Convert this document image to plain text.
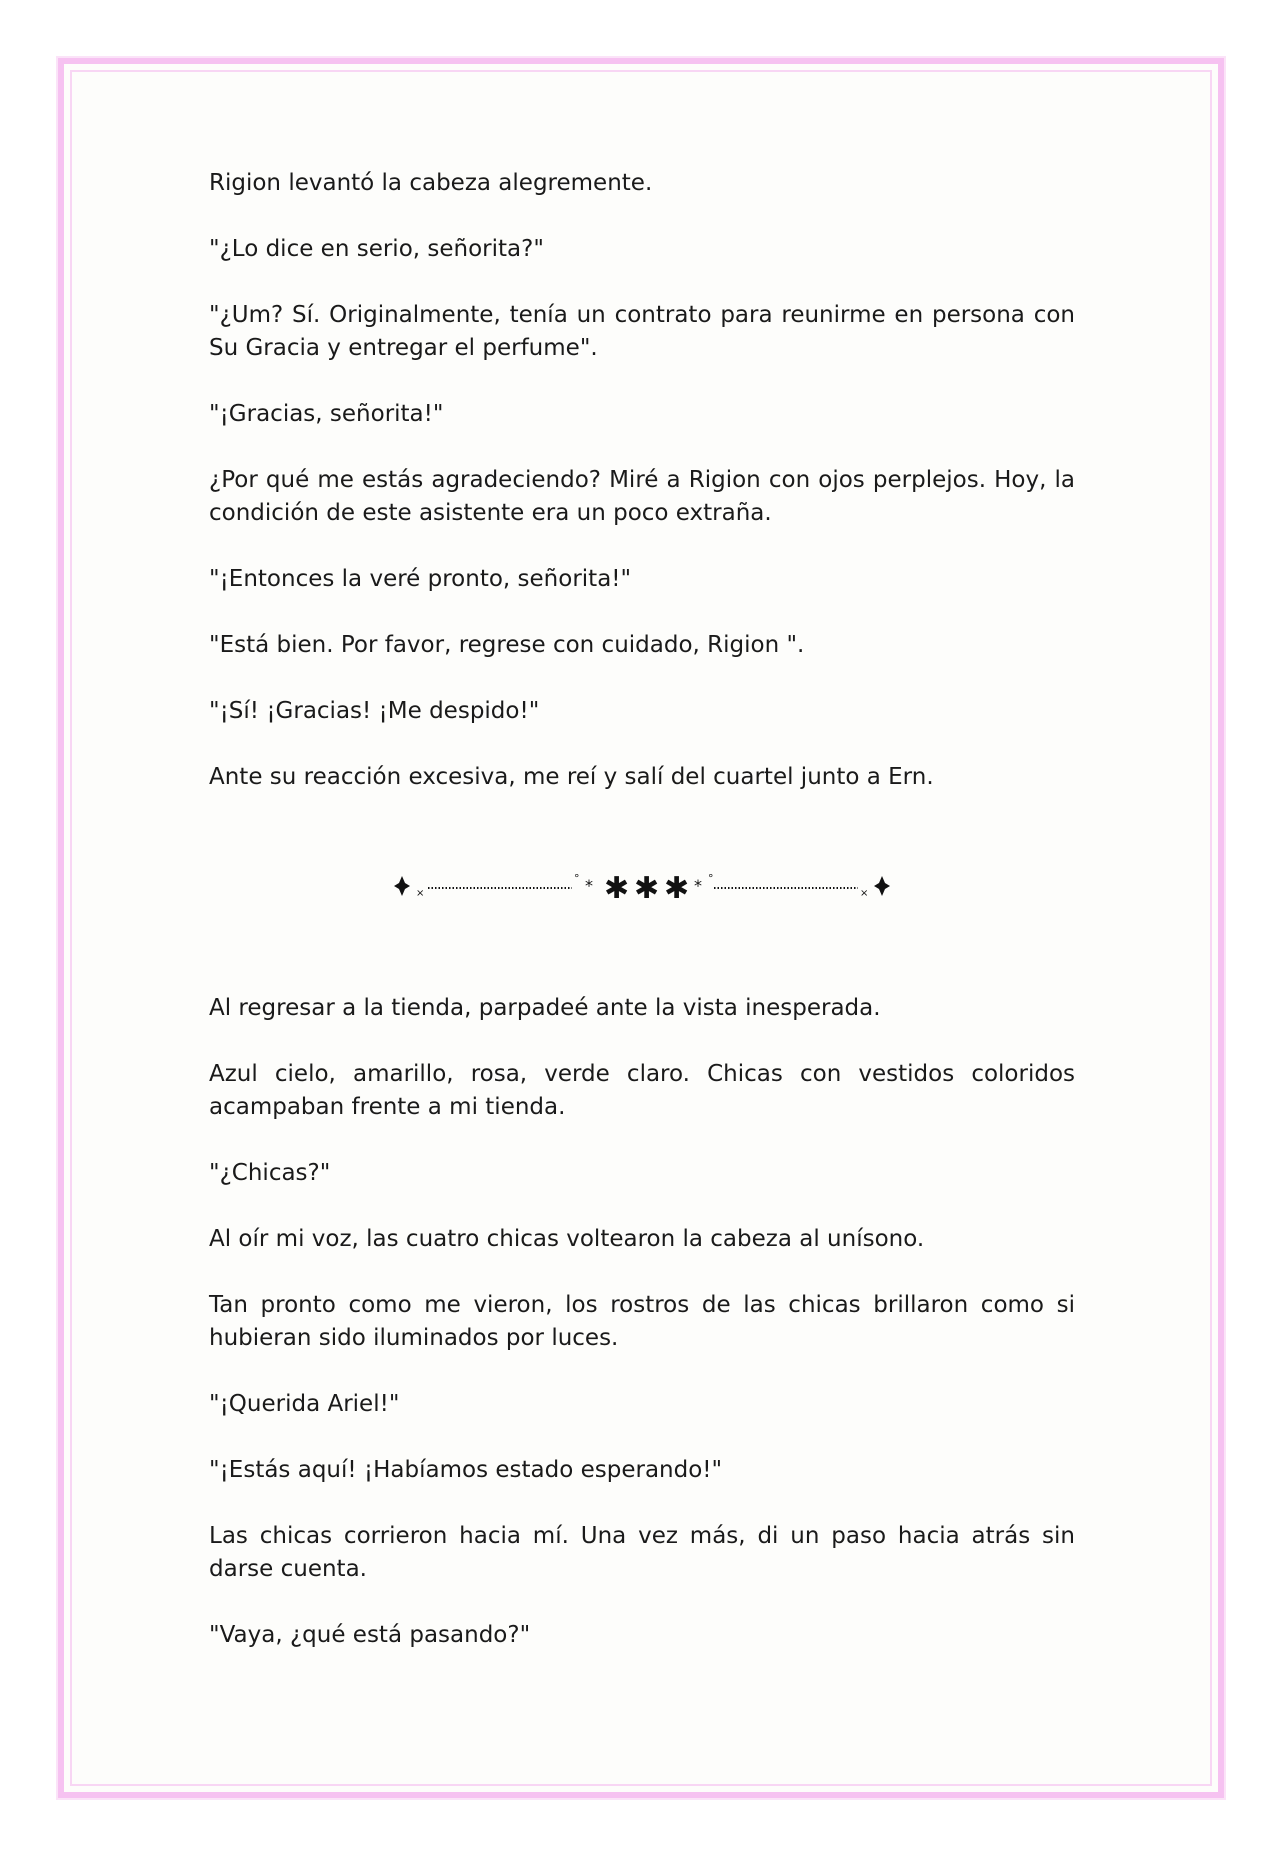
Rigion levantó la cabeza alegremente.

"¿Lo dice en serio, señorita?"

"¿Um? Sí. Originalmente, tenía un contrato para reunirme en persona con Su Gracia y entregar el perfume".

"¡Gracias, señorita!"

¿Por qué me estás agradeciendo? Miré a Rigion con ojos perplejos. Hoy, la condición de este asistente era un poco extraña.

"¡Entonces la veré pronto, señorita!"

"Está bien. Por favor, regrese con cuidado, Rigion ".

"¡Sí! ¡Gracias! ¡Me despido!"

Ante su reacción excesiva, me reí y salí del cuartel junto a Ern.

×
° * ✱ ✱ ✱ * °
×

Al regresar a la tienda, parpadeé ante la vista inesperada.

Azul cielo, amarillo, rosa, verde claro. Chicas con vestidos coloridos acampaban frente a mi tienda.

"¿Chicas?"

Al oír mi voz, las cuatro chicas voltearon la cabeza al unísono.

Tan pronto como me vieron, los rostros de las chicas brillaron como si hubieran sido iluminados por luces.

"¡Querida Ariel!"

"¡Estás aquí! ¡Habíamos estado esperando!"

Las chicas corrieron hacia mí. Una vez más, di un paso hacia atrás sin darse cuenta.

"Vaya, ¿qué está pasando?"
